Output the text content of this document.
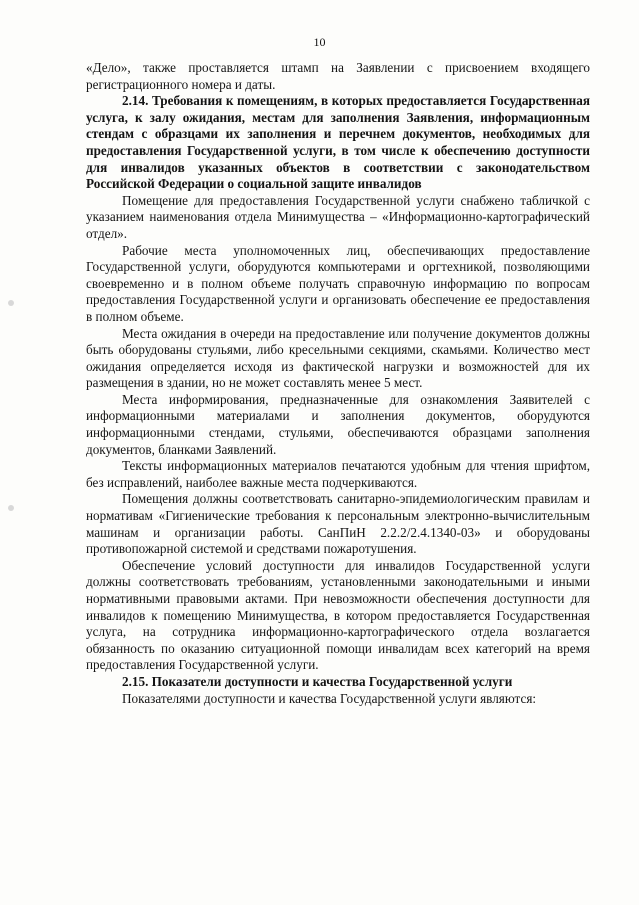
10

«Дело», также проставляется штамп на Заявлении с присвоением входящего регистрационного номера и даты.

2.14. Требования к помещениям, в которых предоставляется Государственная услуга, к залу ожидания, местам для заполнения Заявления, информационным стендам с образцами их заполнения и перечнем документов, необходимых для предоставления Государственной услуги, в том числе к обеспечению доступности для инвалидов указанных объектов в соответствии с законодательством Российской Федерации о социальной защите инвалидов

Помещение для предоставления Государственной услуги снабжено табличкой с указанием наименования отдела Минимущества – «Информационно-картографический отдел».

Рабочие места уполномоченных лиц, обеспечивающих предоставление Государственной услуги, оборудуются компьютерами и оргтехникой, позволяющими своевременно и в полном объеме получать справочную информацию по вопросам предоставления Государственной услуги и организовать обеспечение ее предоставления в полном объеме.

Места ожидания в очереди на предоставление или получение документов должны быть оборудованы стульями, либо кресельными секциями, скамьями. Количество мест ожидания определяется исходя из фактической нагрузки и возможностей для их размещения в здании, но не может составлять менее 5 мест.

Места информирования, предназначенные для ознакомления Заявителей с информационными материалами и заполнения документов, оборудуются информационными стендами, стульями, обеспечиваются образцами заполнения документов, бланками Заявлений.

Тексты информационных материалов печатаются удобным для чтения шрифтом, без исправлений, наиболее важные места подчеркиваются.

Помещения должны соответствовать санитарно-эпидемиологическим правилам и нормативам «Гигиенические требования к персональным электронно-вычислительным машинам и организации работы. СанПиН 2.2.2/2.4.1340-03» и оборудованы противопожарной системой и средствами пожаротушения.

Обеспечение условий доступности для инвалидов Государственной услуги должны соответствовать требованиям, установленными законодательными и иными нормативными правовыми актами. При невозможности обеспечения доступности для инвалидов к помещению Минимущества, в котором предоставляется Государственная услуга, на сотрудника информационно-картографического отдела возлагается обязанность по оказанию ситуационной помощи инвалидам всех категорий на время предоставления Государственной услуги.

2.15. Показатели доступности и качества Государственной услуги

Показателями доступности и качества Государственной услуги являются:
